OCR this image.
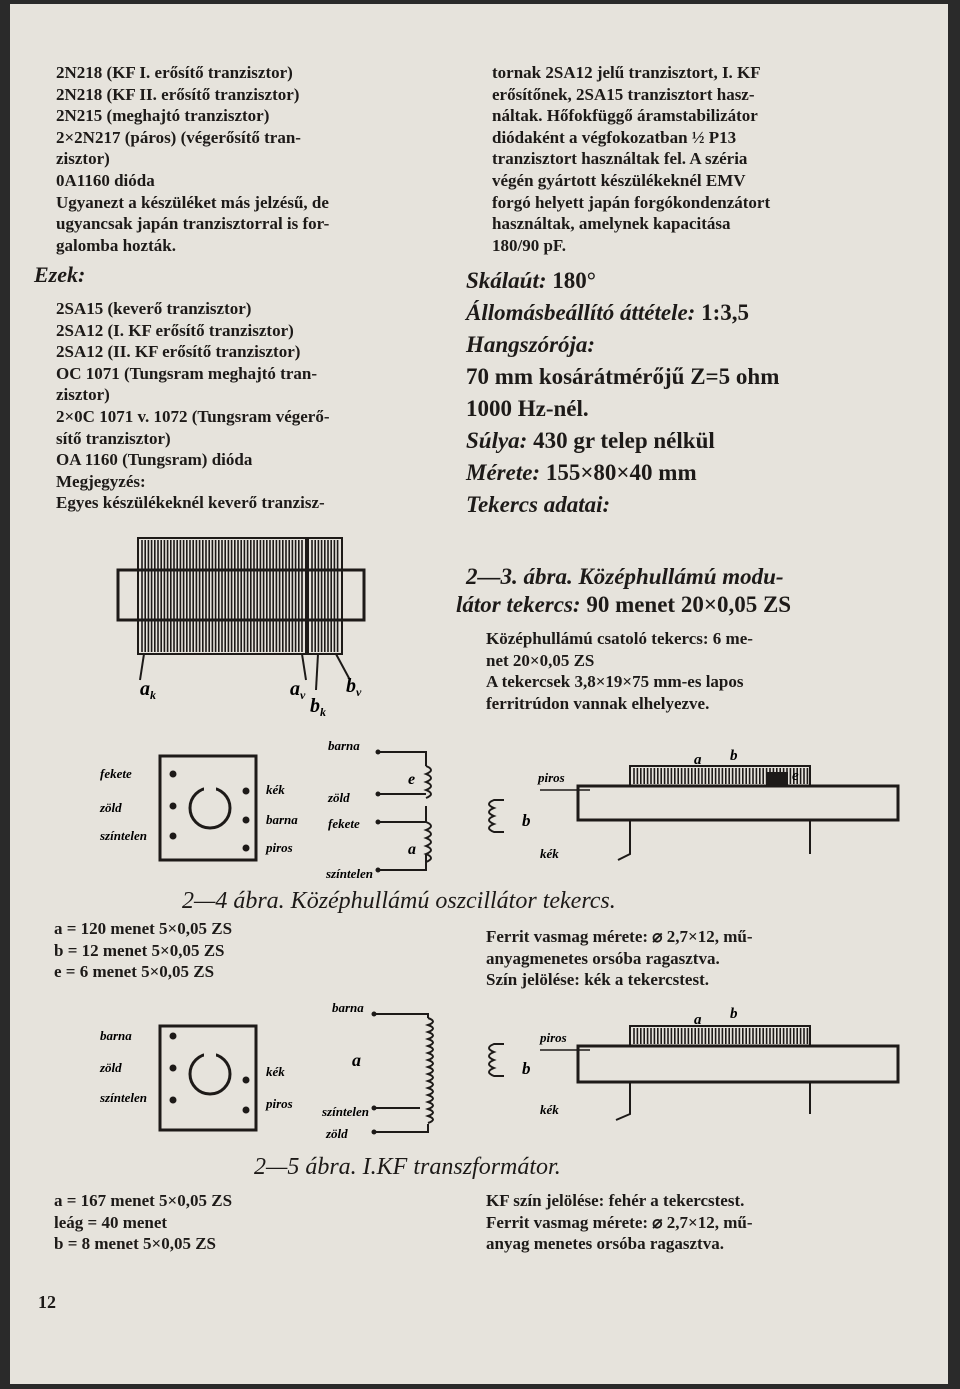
2N218 (KF I. erősítő tranzisztor)
2N218 (KF II. erősítő tranzisztor)
2N215 (meghajtó tranzisztor)
2×2N217 (páros) (végerősítő tran-
zisztor)
0A1160 dióda
Ugyanezt a készüléket más jelzésű, de
ugyancsak japán tranzisztorral is for-
galomba hozták.
Ezek:
2SA15 (keverő tranzisztor)
2SA12 (I. KF erősítő tranzisztor)
2SA12 (II. KF erősítő tranzisztor)
OC 1071 (Tungsram meghajtó tran-
zisztor)
2×0C 1071 v. 1072 (Tungsram végerő-
sítő tranzisztor)
OA 1160 (Tungsram) dióda
Megjegyzés:
Egyes készülékeknél keverő tranzisz-
tornak 2SA12 jelű tranzisztort, I. KF
erősítőnek, 2SA15 tranzisztort hasz-
náltak. Hőfokfüggő áramstabilizátor
diódaként a végfokozatban ½ P13
tranzisztort használtak fel. A széria
végén gyártott készülékeknél EMV
forgó helyett japán forgókondenzátort
használtak, amelynek kapacitása
180/90 pF.
Skálaút: 180°
Állomásbeállító áttétele: 1:3,5
Hangszórója:
70 mm kosárátmérőjű Z=5 ohm
1000 Hz-nél.
Súlya: 430 gr telep nélkül
Mérete: 155×80×40 mm
Tekercs adatai:
$a_k$	$a_v$ $b_k$
$b_v$
2—3. ábra. Középhullámú modu-
látor tekercs: 90 menet 20×0,05 ZS
Középhullámú csatoló tekercs: 6 me-
net 20×0,05 ZS
A tekercsek 3,8×19×75 mm-es lapos
ferritrúdon vannak elhelyezve.
fekete
zöld
színtelen
kék
barna
piros
barna
zöld
fekete
színtelen
e
a
piros
b
kék
a b
e
2—4 ábra. Középhullámú oszcillátor tekercs.
a = 120 menet 5×0,05 ZS
b = 12 menet 5×0,05 ZS
e = 6 menet 5×0,05 ZS
Ferrit vasmag mérete: ⌀ 2,7×12, mű-
anyagmenetes orsóba ragasztva.
Szín jelölése: kék a tekercstest.
barna
zöld
színtelen
kék
piros
barna
a
színtelen
zöld
piros
b
kék
a b
2—5 ábra. I.KF transzformátor.
a = 167 menet 5×0,05 ZS
leág = 40 menet
b = 8 menet 5×0,05 ZS
KF szín jelölése: fehér a tekercstest.
Ferrit vasmag mérete: ⌀ 2,7×12, mű-
anyag menetes orsóba ragasztva.
12
